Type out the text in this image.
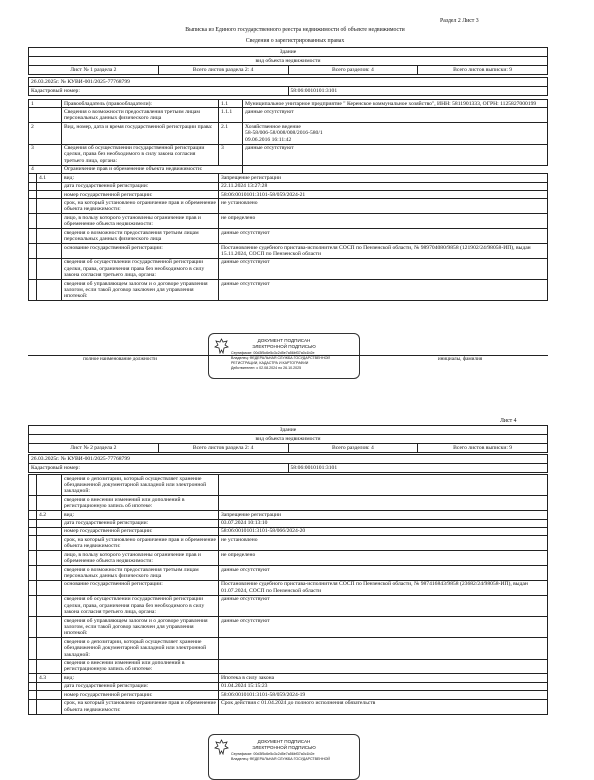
Раздел 2 Лист 3
Выписка из Единого государственного реестра недвижимости об объекте недвижимости
Сведения о зарегистрированных правах
Здание
вид объекта недвижимости
Лист № 1 раздела 2	Всего листов раздела 2: 4	Всего разделов: 4	Всего листов выписки: 9
26.03.2025г. № КУВИ-001/2025-77768799
Кадастровый номер:	58:06:0010101:3101
1		Правообладатель (правообладатели):	1.1	Муниципальное унитарное предприятие " Керенское коммунальное хозяйство", ИНН: 5811901333, ОГРН: 1125827000199
		Сведения о возможности предоставления третьим лицам персональных данных физического лица	1.1.1	данные отсутствуют
2		Вид, номер, дата и время государственной регистрации права:	2.1	Хозяйственное ведение
58-58/006-58/008/008/2016-580/1
09.06.2016 16:11:42
3		Сведения об осуществлении государственной регистрации сделки, права без необходимого в силу закона согласия третьего лица, органа:	3	данные отсутствуют
4		Ограничение прав и обременение объекта недвижимости:	
	4.1	вид:	Запрещение регистрации	
		дата государственной регистрации:	22.11.2024 13:27:28	
		номер государственной регистрации:	58:06:0010101:3101-58/059/2024-21	
		срок, на который установлено ограничение прав и обременение объекта недвижимости:	не установлено	
		лицо, в пользу которого установлены ограничение прав и обременение объекта недвижимости:	не определено	
		сведения о возможности предоставления третьим лицам персональных данных физического лица	данные отсутствуют	
		основание государственной регистрации:	Постановление судебного пристава-исполнителя СОСП по Пензенской области, № 989704080/9858 (121902/24/98058-ИП), выдан 15.11.2024, СОСП по Пензенской области	
		сведения об осуществлении государственной регистрации сделки, права, ограничения права без необходимого в силу закона согласия третьего лица, органа:	данные отсутствуют	
		сведения об управляющем залогом и о договоре управления залогом, если такой договор заключен для управления ипотекой:	данные отсутствуют	
ДОКУМЕНТ ПОДПИСАН
ЭЛЕКТРОННОЙ ПОДПИСЬЮ
Сертификат: 00d3f5c6e5c3c2d5e7a56bf37a0c1b2e
Владелец: ФЕДЕРАЛЬНАЯ СЛУЖБА ГОСУДАРСТВЕННОЙ
РЕГИСТРАЦИИ, КАДАСТРА И КАРТОГРАФИИ
Действителен: с 02.08.2024 по 26.10.2025
полное наименование должности	инициалы, фамилия
Лист 4
Здание
вид объекта недвижимости
Лист № 2 раздела 2	Всего листов раздела 2: 4	Всего разделов: 4	Всего листов выписки: 9
26.03.2025г. № КУВИ-001/2025-77768799
Кадастровый номер:	58:06:0010101:3101
		сведения о депозитарии, который осуществляет хранение обездвиженной документарной закладной или электронной закладной:	
		сведения о внесении изменений или дополнений в регистрационную запись об ипотеке:	
	4.2	вид:	Запрещение регистрации
		дата государственной регистрации:	03.07.2024 10:13:10
		номер государственной регистрации:	58:06:0010101:3101-58/066/2024-20
		срок, на который установлено ограничение прав и обременение объекта недвижимости:	не установлено
		лицо, в пользу которого установлены ограничение прав и обременение объекта недвижимости:	не определено
		сведения о возможности предоставления третьим лицам персональных данных физического лица	данные отсутствуют
		основание государственной регистрации:	Постановление судебного пристава-исполнителя СОСП по Пензенской области, № 987416843/9858 (23682/24/98058-ИП), выдан 01.07.2024, СОСП по Пензенской области
		сведения об осуществлении государственной регистрации сделки, права, ограничения права без необходимого в силу закона согласия третьего лица, органа:	данные отсутствуют
		сведения об управляющем залогом и о договоре управления залогом, если такой договор заключен для управления ипотекой:	данные отсутствуют
		сведения о депозитарии, который осуществляет хранение обездвиженной документарной закладной или электронной закладной:	
		сведения о внесении изменений или дополнений в регистрационную запись об ипотеке:	
	4.3	вид:	Ипотека в силу закона
		дата государственной регистрации:	01.04.2024 15:15:23
		номер государственной регистрации:	58:06:0010101:3101-58/059/2024-19
		срок, на который установлено ограничение прав и обременение объекта недвижимости:	Срок действия с 01.04.2024 до полного исполнения обязательств
ДОКУМЕНТ ПОДПИСАН
ЭЛЕКТРОННОЙ ПОДПИСЬЮ
Сертификат: 00d3f5c6e5c3c2d5e7a56bf37a0c1b2e
Владелец: ФЕДЕРАЛЬНАЯ СЛУЖБА ГОСУДАРСТВЕННОЙ
